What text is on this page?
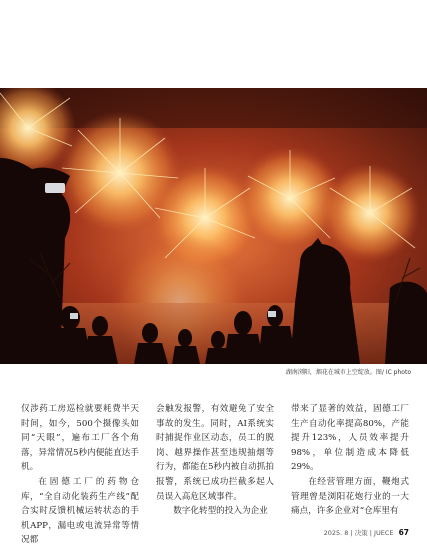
湖南浏阳，烟花在城市上空绽放。图/ IC photo

仅涉药工房巡检就要耗费半天时间，如今，500个摄像头如同“天眼”，遍布工厂各个角落，异常情况5秒内便能直达手机。

在固德工厂的药物仓库，“全自动化装药生产线”配合实时反馈机械运转状态的手机APP，漏电或电流异常等情况都

会触发报警，有效避免了安全事故的发生。同时，AI系统实时捕捉作业区动态，员工的脱岗、越界操作甚至违规抽烟等行为，都能在5秒内被自动抓拍报警，系统已成功拦截多起人员误入高危区域事件。

数字化转型的投入为企业

带来了显著的效益，固德工厂生产自动化率提高80%，产能提升123%，人员效率提升98%，单位制造成本降低29%。

在经营管理方面，鞭炮式管理曾是浏阳花炮行业的一大痛点，许多企业对“仓库里有

2025. 8 | 决策 | JUECE 67
